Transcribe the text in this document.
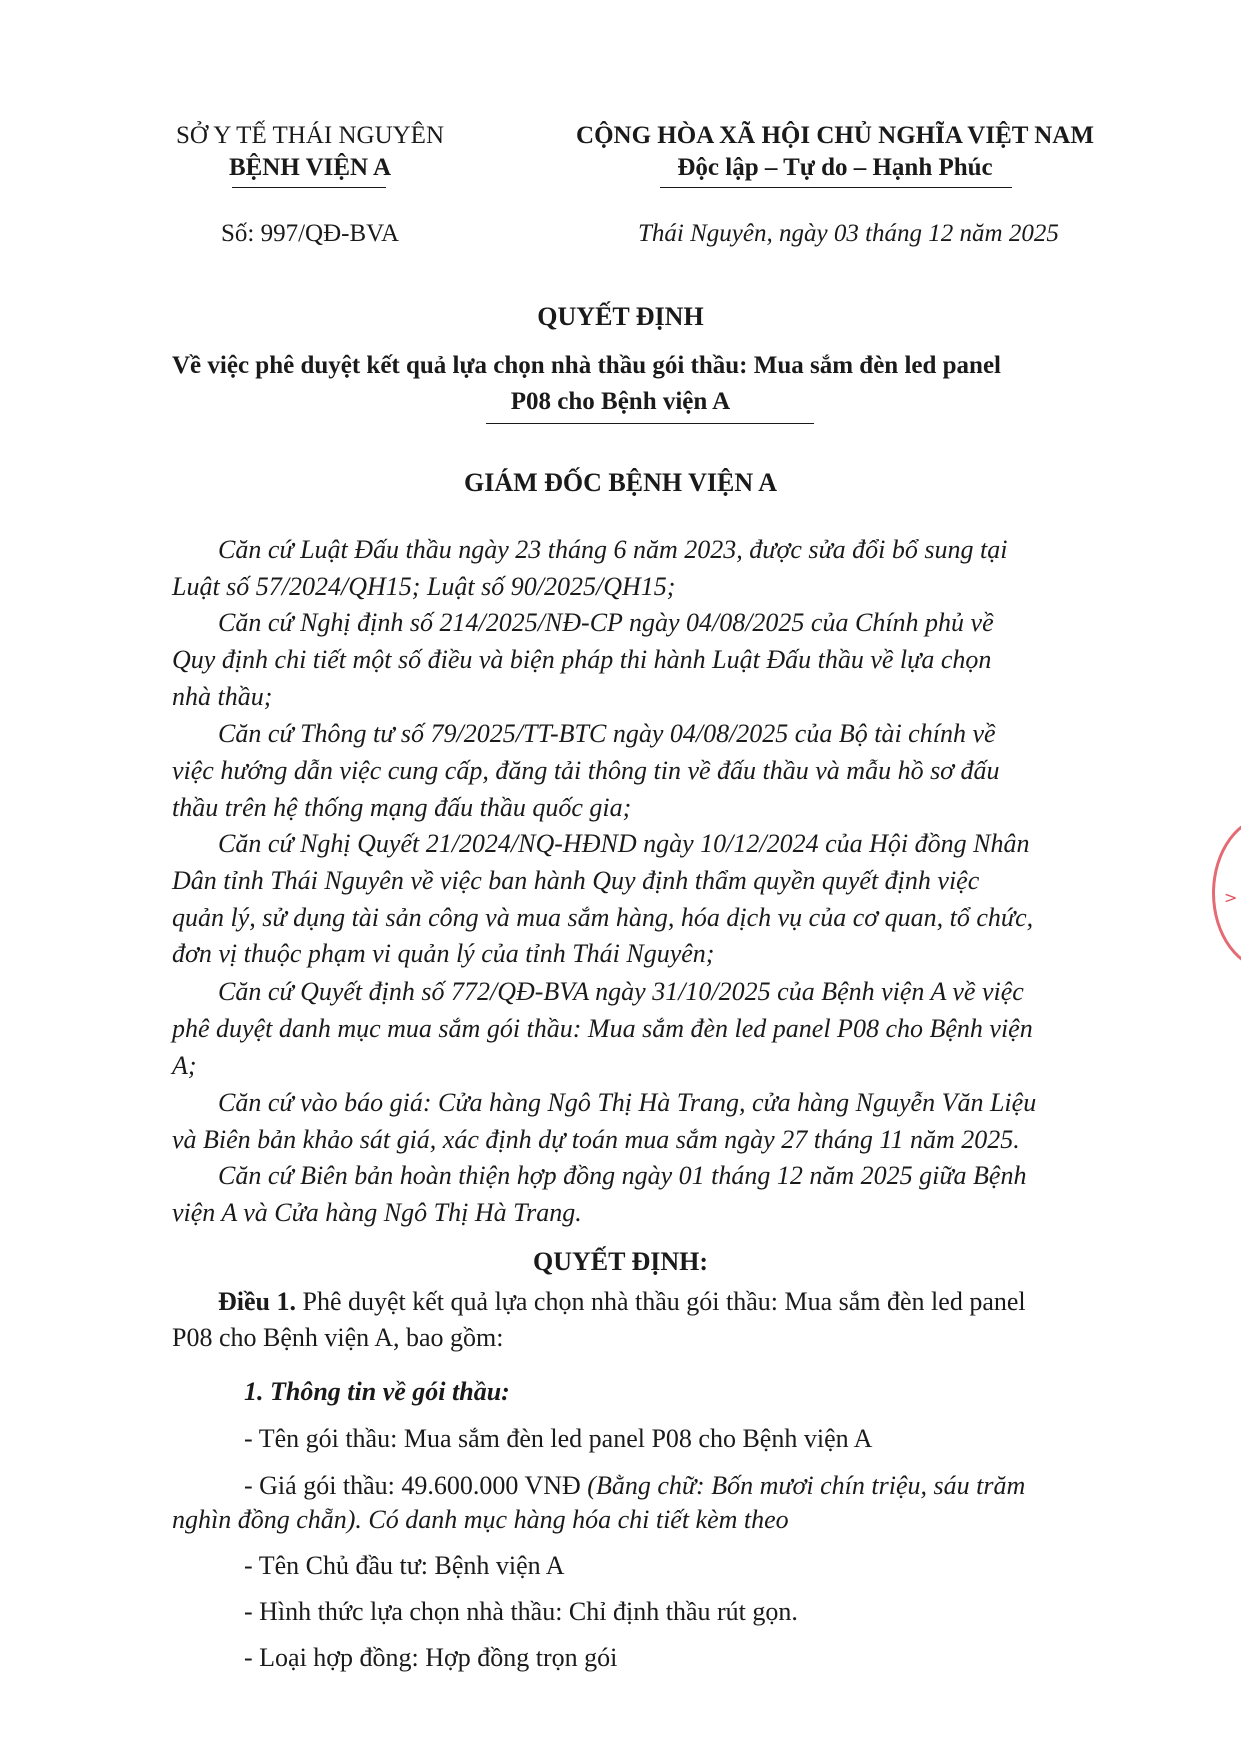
SỞ Y TẾ THÁI NGUYÊN
BỆNH VIỆN A
CỘNG HÒA XÃ HỘI CHỦ NGHĨA VIỆT NAM
Độc lập – Tự do – Hạnh Phúc
Số: 997/QĐ-BVA	Thái Nguyên, ngày 03 tháng 12 năm 2025
QUYẾT ĐỊNH
Về việc phê duyệt kết quả lựa chọn nhà thầu gói thầu: Mua sắm đèn led panel
P08 cho Bệnh viện A
GIÁM ĐỐC BỆNH VIỆN A
Căn cứ Luật Đấu thầu ngày 23 tháng 6 năm 2023, được sửa đổi bổ sung tại
Luật số 57/2024/QH15; Luật số 90/2025/QH15;
Căn cứ Nghị định số 214/2025/NĐ-CP ngày 04/08/2025 của Chính phủ về
Quy định chi tiết một số điều và biện pháp thi hành Luật Đấu thầu về lựa chọn
nhà thầu;
Căn cứ Thông tư số 79/2025/TT-BTC ngày 04/08/2025 của Bộ tài chính về
việc hướng dẫn việc cung cấp, đăng tải thông tin về đấu thầu và mẫu hồ sơ đấu
thầu trên hệ thống mạng đấu thầu quốc gia;
Căn cứ Nghị Quyết 21/2024/NQ-HĐND ngày 10/12/2024 của Hội đồng Nhân
Dân tỉnh Thái Nguyên về việc ban hành Quy định thẩm quyền quyết định việc
quản lý, sử dụng tài sản công và mua sắm hàng, hóa dịch vụ của cơ quan, tổ chức,
đơn vị thuộc phạm vi quản lý của tỉnh Thái Nguyên;
Căn cứ Quyết định số 772/QĐ-BVA ngày 31/10/2025 của Bệnh viện A về việc
phê duyệt danh mục mua sắm gói thầu: Mua sắm đèn led panel P08 cho Bệnh viện
A;
Căn cứ vào báo giá: Cửa hàng Ngô Thị Hà Trang, cửa hàng Nguyễn Văn Liệu
và Biên bản khảo sát giá, xác định dự toán mua sắm ngày 27 tháng 11 năm 2025.
Căn cứ Biên bản hoàn thiện hợp đồng ngày 01 tháng 12 năm 2025 giữa Bệnh
viện A và Cửa hàng Ngô Thị Hà Trang.
QUYẾT ĐỊNH:
Điều 1. Phê duyệt kết quả lựa chọn nhà thầu gói thầu: Mua sắm đèn led panel
P08 cho Bệnh viện A, bao gồm:
1. Thông tin về gói thầu:
- Tên gói thầu: Mua sắm đèn led panel P08 cho Bệnh viện A
- Giá gói thầu: 49.600.000 VNĐ (Bằng chữ: Bốn mươi chín triệu, sáu trăm
nghìn đồng chẵn). Có danh mục hàng hóa chi tiết kèm theo
- Tên Chủ đầu tư: Bệnh viện A
- Hình thức lựa chọn nhà thầu: Chỉ định thầu rút gọn.
- Loại hợp đồng: Hợp đồng trọn gói
>
